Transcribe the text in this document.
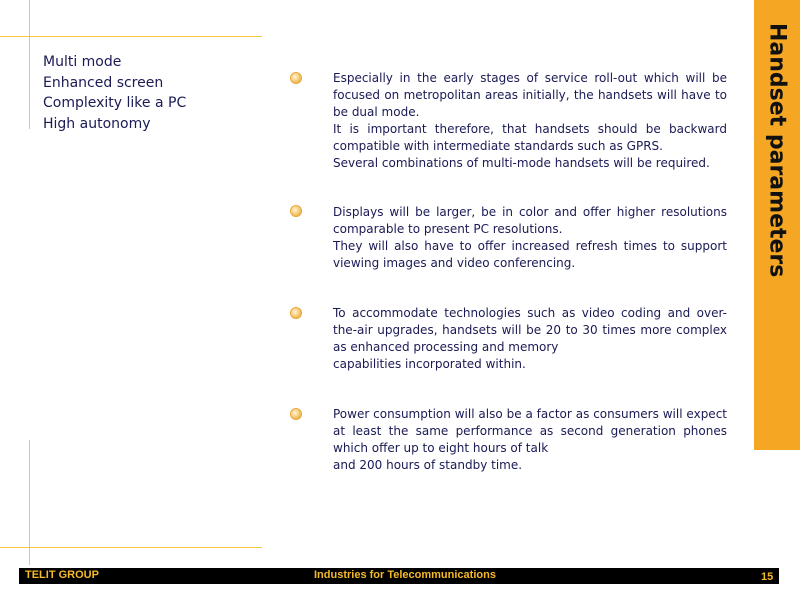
Multi mode
Enhanced screen
Complexity like a PC
High autonomy
Especially in the early stages of service roll-out which will be focused on metropolitan areas initially, the handsets will have to be dual mode.
It is important therefore, that handsets should be backward compatible with intermediate standards such as GPRS.
Several combinations of multi-mode handsets will be required.
Displays will be larger, be in color and offer higher resolutions comparable to present PC resolutions.
They will also have to offer increased refresh times to support viewing images and video conferencing.
To accommodate technologies such as video coding and over-the-air upgrades, handsets will be 20 to 30 times more complex as enhanced processing and memory
capabilities incorporated within.
Power consumption will also be a factor as consumers will expect at least the same performance as second generation phones which offer up to eight hours of talk
and 200 hours of standby time.
Handset parameters
TELIT GROUP	Industries for Telecommunications	15
